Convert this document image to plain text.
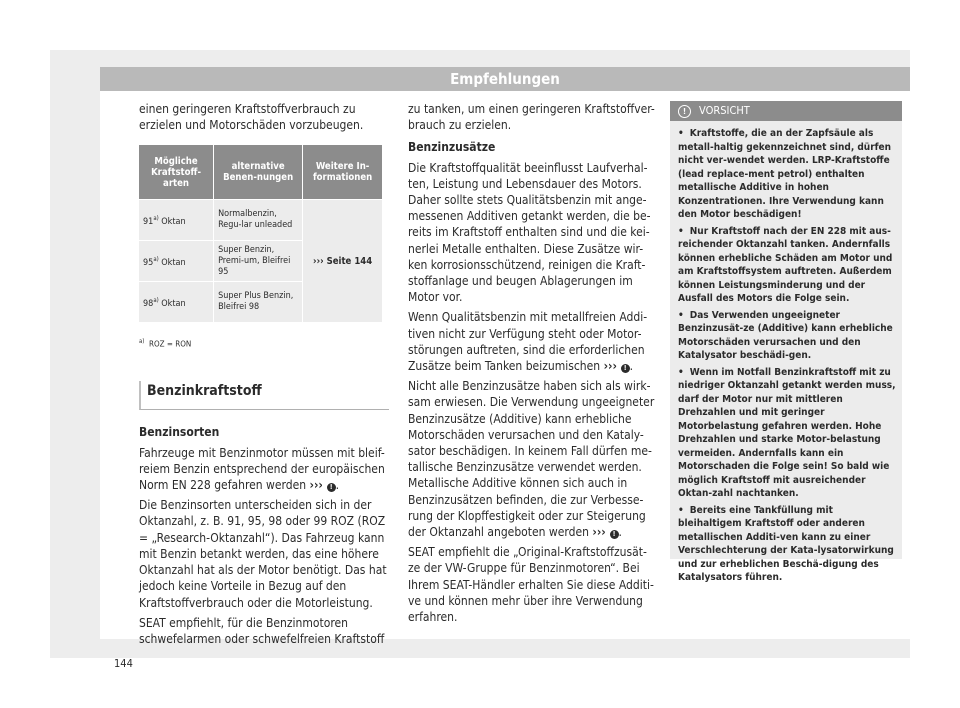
Empfehlungen

einen geringeren Kraftstoffverbrauch zu erzielen und Motorschäden vorzubeugen.

Mögliche Kraftstoff-arten	alternative Benen-nungen	Weitere In-formationen
91$^{a)}$ Oktan	Normalbenzin, Regu-lar unleaded	››› Seite 144
95$^{a)}$ Oktan	Super Benzin, Premi-um, Bleifrei 95	
98$^{a)}$ Oktan	Super Plus Benzin, Bleifrei 98	
$^{a)}$ ROZ = RON
Benzinkraftstoff

Benzinsorten

Fahrzeuge mit Benzinmotor müssen mit bleif-reiem Benzin entsprechend der europäischen Norm EN 228 gefahren werden ››› ! .

Die Benzinsorten unterscheiden sich in der Oktanzahl, z. B. 91, 95, 98 oder 99 ROZ (ROZ = „Research-Oktanzahl“). Das Fahrzeug kann mit Benzin betankt werden, das eine höhere Oktanzahl hat als der Motor benötigt. Das hat jedoch keine Vorteile in Bezug auf den Kraftstoffverbrauch oder die Motorleistung.

SEAT empfiehlt, für die Benzinmotoren schwefelarmen oder schwefelfreien Kraftstoff

zu tanken, um einen geringeren Kraftstoffver-brauch zu erzielen.

Benzinzusätze

Die Kraftstoffqualität beeinflusst Laufverhal-ten, Leistung und Lebensdauer des Motors. Daher sollte stets Qualitätsbenzin mit ange-messenen Additiven getankt werden, die be-reits im Kraftstoff enthalten sind und die kei-nerlei Metalle enthalten. Diese Zusätze wir-ken korrosionsschützend, reinigen die Kraft-stoffanlage und beugen Ablagerungen im Motor vor.

Wenn Qualitätsbenzin mit metallfreien Addi-tiven nicht zur Verfügung steht oder Motor-störungen auftreten, sind die erforderlichen Zusätze beim Tanken beizumischen ››› ! .

Nicht alle Benzinzusätze haben sich als wirk-sam erwiesen. Die Verwendung ungeeigneter Benzinzusätze (Additive) kann erhebliche Motorschäden verursachen und den Kataly-sator beschädigen. In keinem Fall dürfen me-tallische Benzinzusätze verwendet werden. Metallische Additive können sich auch in Benzinzusätzen befinden, die zur Verbesse-rung der Klopffestigkeit oder zur Steigerung der Oktanzahl angeboten werden ››› ! .

SEAT empfiehlt die „Original-Kraftstoffzusät-ze der VW-Gruppe für Benzinmotoren“. Bei Ihrem SEAT-Händler erhalten Sie diese Additi-ve und können mehr über ihre Verwendung erfahren.

! VORSICHT
• Kraftstoffe, die an der Zapfsäule als metall-haltig gekennzeichnet sind, dürfen nicht ver-wendet werden. LRP-Kraftstoffe (lead replace-ment petrol) enthalten metallische Additive in hohen Konzentrationen. Ihre Verwendung kann den Motor beschädigen!
• Nur Kraftstoff nach der EN 228 mit aus-reichender Oktanzahl tanken. Andernfalls können erhebliche Schäden am Motor und am Kraftstoffsystem auftreten. Außerdem können Leistungsminderung und der Ausfall des Motors die Folge sein.
• Das Verwenden ungeeigneter Benzinzusät-ze (Additive) kann erhebliche Motorschäden verursachen und den Katalysator beschädi-gen.
• Wenn im Notfall Benzinkraftstoff mit zu niedriger Oktanzahl getankt werden muss, darf der Motor nur mit mittleren Drehzahlen und mit geringer Motorbelastung gefahren werden. Hohe Drehzahlen und starke Motor-belastung vermeiden. Andernfalls kann ein Motorschaden die Folge sein! So bald wie möglich Kraftstoff mit ausreichender Oktan-zahl nachtanken.
• Bereits eine Tankfüllung mit bleihaltigem Kraftstoff oder anderen metallischen Additi-ven kann zu einer Verschlechterung der Kata-lysatorwirkung und zur erheblichen Beschä-digung des Katalysators führen.
144
